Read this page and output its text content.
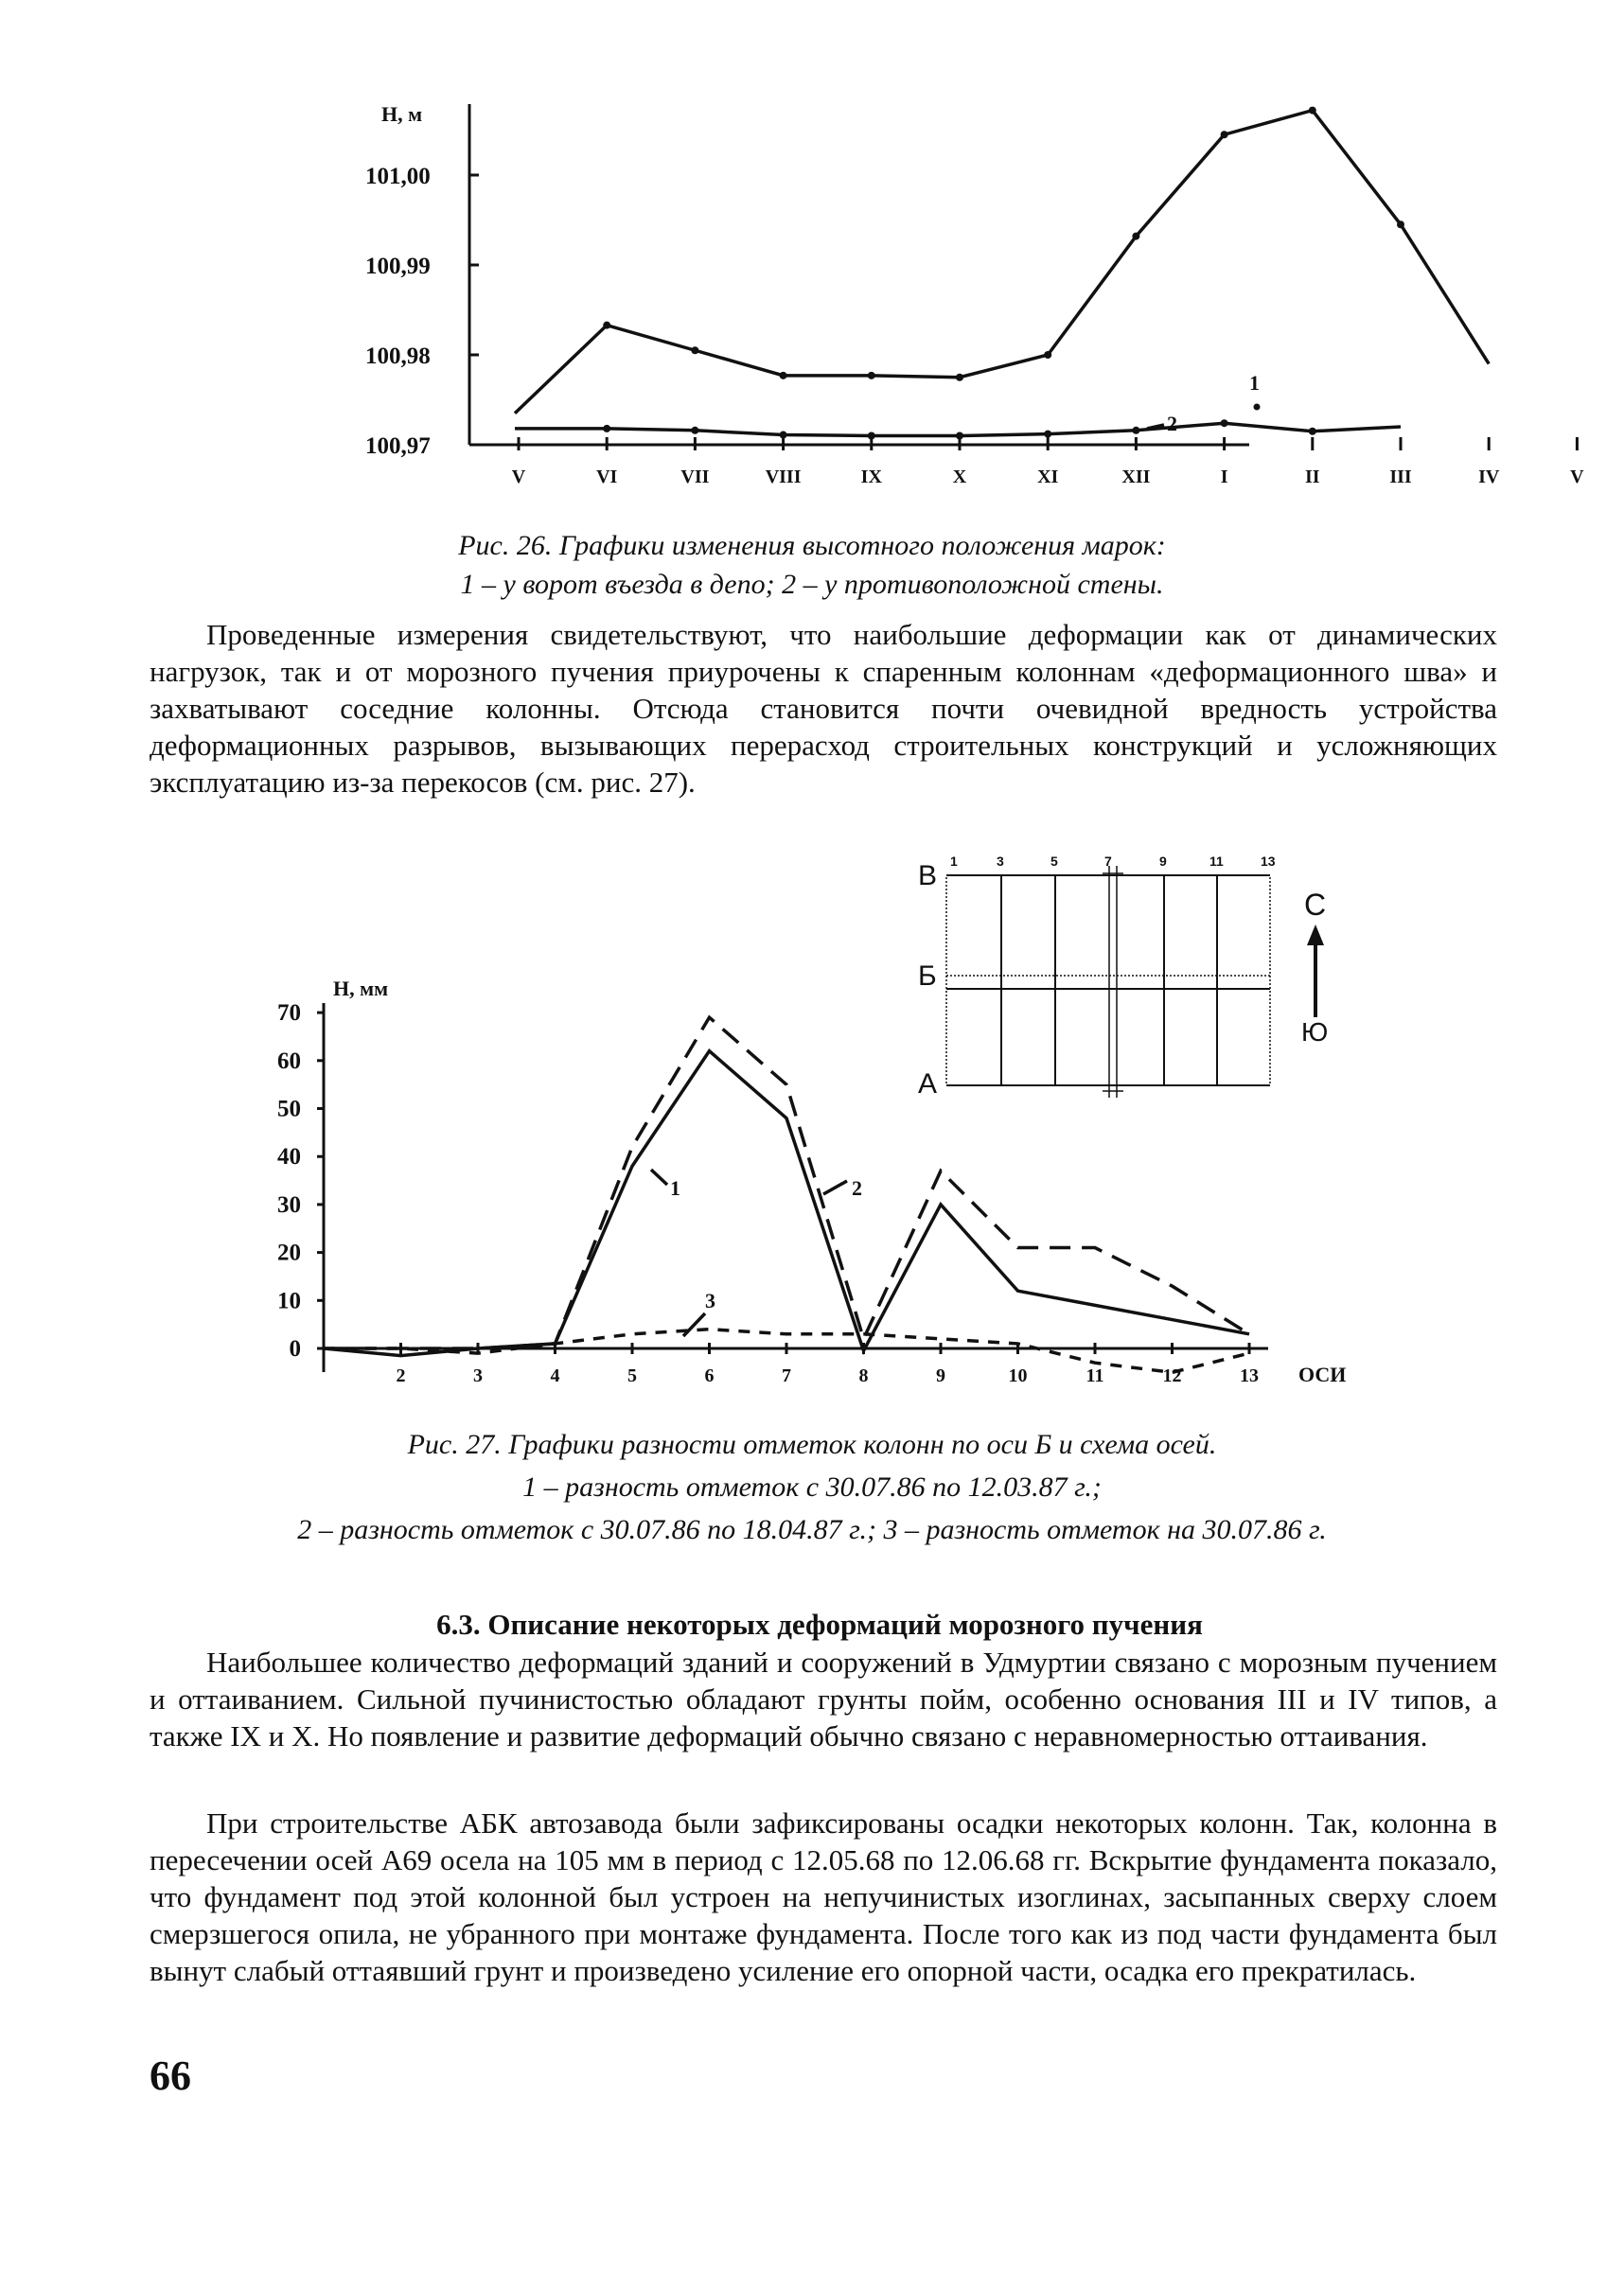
Н, м
101,00
100,99
100,98
100,97
V	VI	VII	VIII	IX	X	XI	XII	I	II	III	IV	V
1
2
Рис. 26. Графики изменения высотного положения марок:
1 – у ворот въезда в депо; 2 – у противоположной стены.

Проведенные измерения свидетельствуют, что наибольшие деформации как от динамических нагрузок, так и от морозного пучения приурочены к спаренным колоннам «деформационного шва» и захватывают соседние колонны. Отсюда становится почти очевидной вредность устройства деформационных разрывов, вызывающих перерасход строительных конструкций и усложняющих эксплуатацию из-за перекосов (см. рис. 27).

В
Б
А
1	3	5	7	9	11	13
С
Ю
Н, мм
70
60
50
40
30
20
10
0
2	3	4	5	6	7	8	9	10	11	12	13 ОСИ
1	2
3
Рис. 27. Графики разности отметок колонн по оси Б и схема осей.
1 – разность отметок с 30.07.86 по 12.03.87 г.;
2 – разность отметок с 30.07.86 по 18.04.87 г.; 3 – разность отметок на 30.07.86 г.
6.3. Описание некоторых деформаций морозного пучения

Наибольшее количество деформаций зданий и сооружений в Удмуртии связано с морозным пучением и оттаиванием. Сильной пучинистостью обладают грунты пойм, особенно основания III и IV типов, а также IX и X. Но появление и развитие деформаций обычно связано с неравномерностью оттаивания.

При строительстве АБК автозавода были зафиксированы осадки некоторых колонн. Так, колонна в пересечении осей А69 осела на 105 мм в период с 12.05.68 по 12.06.68 гг. Вскрытие фундамента показало, что фундамент под этой колонной был устроен на непучинистых изоглинах, засыпанных сверху слоем смерзшегося опила, не убранного при монтаже фундамента. После того как из под части фундамента был вынут слабый оттаявший грунт и произведено усиление его опорной части, осадка его прекратилась.

66
